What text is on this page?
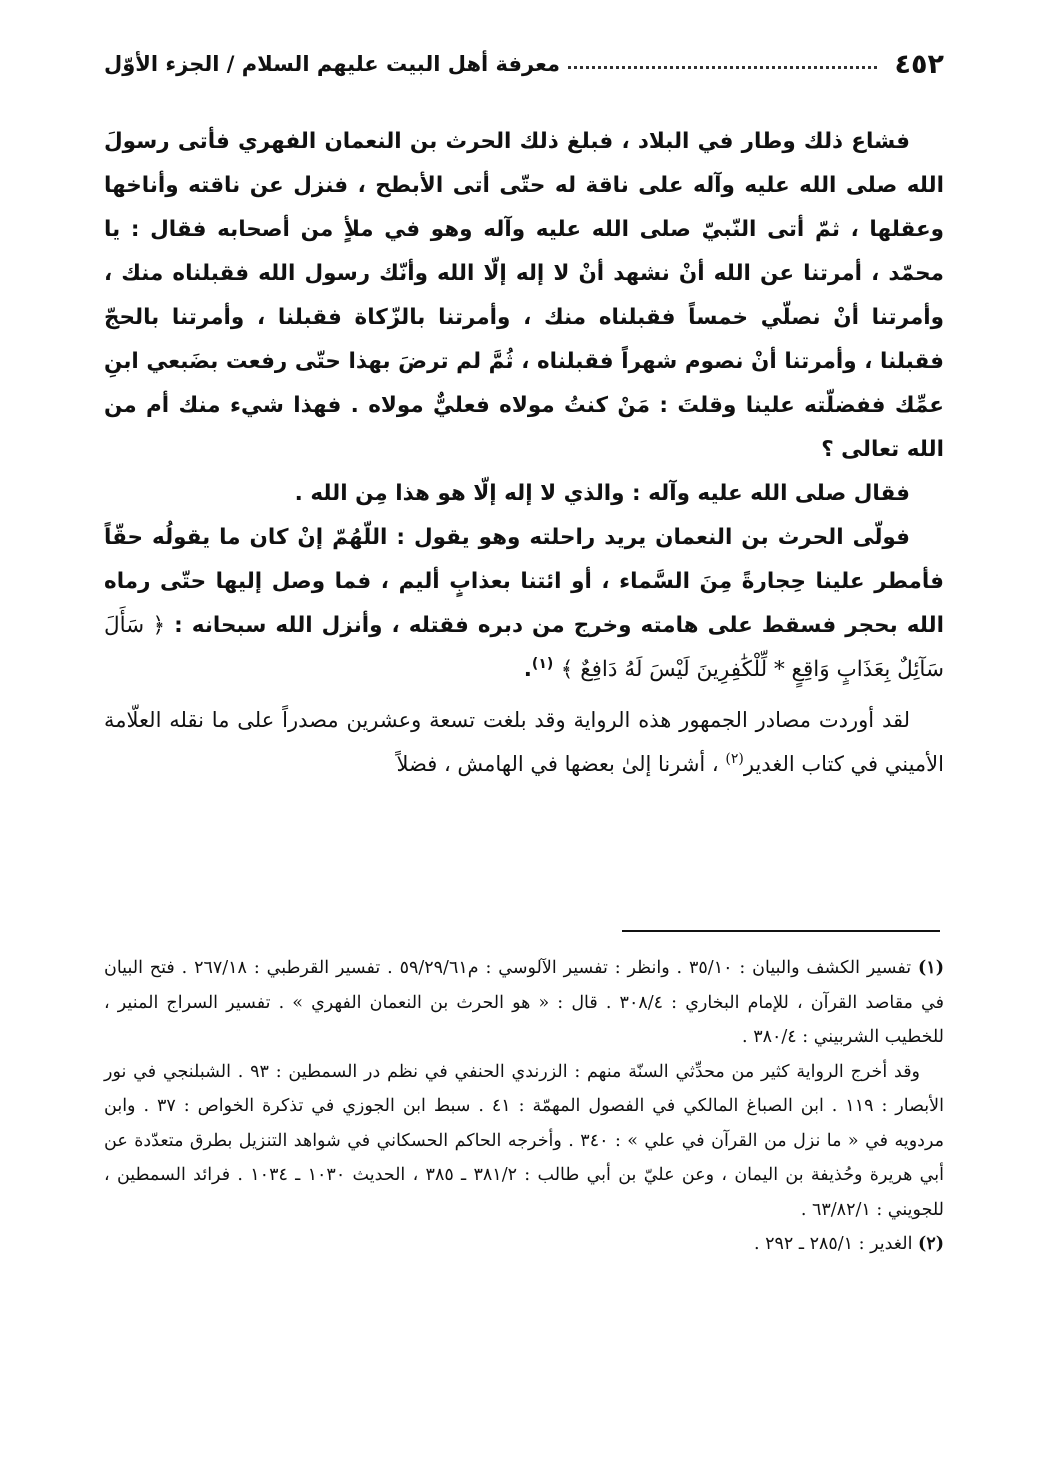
٤٥٢
معرفة أهل البيت عليهم السلام / الجزء الأوّل

فشاع ذلك وطار في البلاد ، فبلغ ذلك الحرث بن النعمان الفهري فأتى رسولَ الله صلى الله عليه وآله على ناقة له حتّى أتى الأبطح ، فنزل عن ناقته وأناخها وعقلها ، ثمّ أتى النّبيّ صلى الله عليه وآله وهو في ملأٍ من أصحابه فقال : يا محمّد ، أمرتنا عن الله أنْ نشهد أنْ لا إله إلّا الله وأنّك رسول الله فقبلناه منك ، وأمرتنا أنْ نصلّي خمساً فقبلناه منك ، وأمرتنا بالزّكاة فقبلنا ، وأمرتنا بالحجّ فقبلنا ، وأمرتنا أنْ نصوم شهراً فقبلناه ، ثُمَّ لم ترضَ بهذا حتّى رفعت بضَبعي ابنِ عمِّك ففضلّته علينا وقلتَ : مَنْ كنتُ مولاه فعليٌّ مولاه . فهذا شيء منك أم من الله تعالى ؟

فقال صلى الله عليه وآله : والذي لا إله إلّا هو هذا مِن الله .

فولّى الحرث بن النعمان يريد راحلته وهو يقول : اللّهُمّ إنْ كان ما يقولُه حقّاً فأمطر علينا حِجارةً مِنَ السَّماء ، أو ائتنا بعذابٍ أليم ، فما وصل إليها حتّى رماه الله بحجر فسقط على هامته وخرج من دبره فقتله ، وأنزل الله سبحانه : ﴿ سَأَلَ سَآئِلٌ بِعَذَابٍ وَاقِعٍ * لِّلْكَٰفِرِينَ لَيْسَ لَهُ دَافِعٌ ﴾ $^{(١)}$.

لقد أوردت مصادر الجمهور هذه الرواية وقد بلغت تسعة وعشرين مصدراً على ما نقله العلّامة الأميني في كتاب الغدير$^{(٢)}$ ، أشرنا إلىٰ بعضها في الهامش ، فضلاً

(١) تفسير الكشف والبيان : ٣٥/١٠ . وانظر : تفسير الآلوسي : م٥٩/٢٩/٦١ . تفسير القرطبي : ٢٦٧/١٨ . فتح البيان في مقاصد القرآن ، للإمام البخاري : ٣٠٨/٤ . قال : « هو الحرث بن النعمان الفهري » . تفسير السراج المنير ، للخطيب الشربيني : ٣٨٠/٤ .

وقد أخرج الرواية كثير من محدِّثي السنّة منهم : الزرندي الحنفي في نظم در السمطين : ٩٣ . الشبلنجي في نور الأبصار : ١١٩ . ابن الصباغ المالكي في الفصول المهمّة : ٤١ . سبط ابن الجوزي في تذكرة الخواص : ٣٧ . وابن مردويه في « ما نزل من القرآن في علي » : ٣٤٠ . وأخرجه الحاكم الحسكاني في شواهد التنزيل بطرق متعدّدة عن أبي هريرة وحُذيفة بن اليمان ، وعن عليّ بن أبي طالب : ٣٨١/٢ ـ ٣٨٥ ، الحديث ١٠٣٠ ـ ١٠٣٤ . فرائد السمطين ، للجويني : ٦٣/٨٢/١ .

(٢) الغدير : ٢٨٥/١ ـ ٢٩٢ .
